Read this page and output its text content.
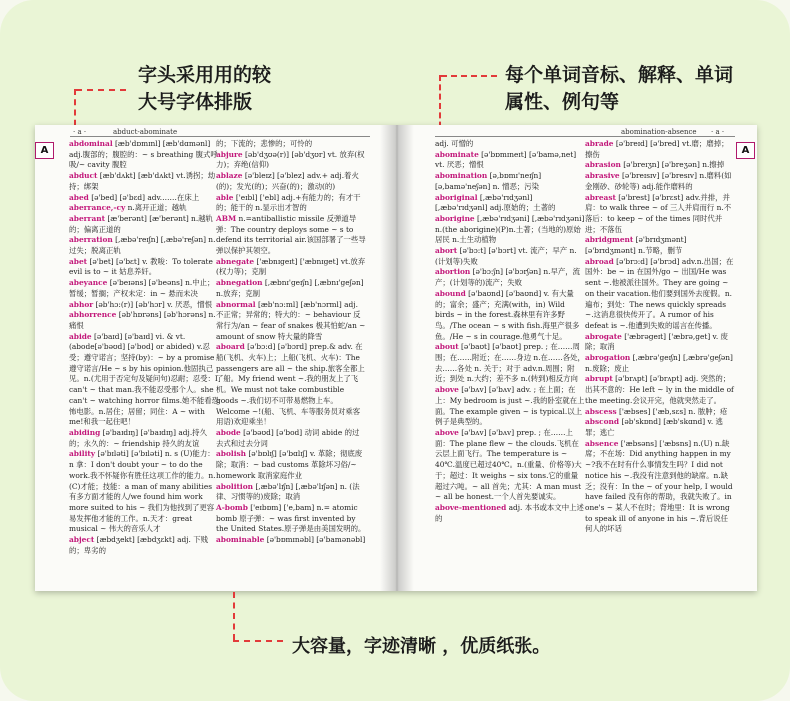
字头采用用的较
大号字体排版
每个单词音标、解释、单词
属性、例句等
· a ·	abduct-abominate
A

abdominal [æb'dɒmɪnl] [æb'dɑmənl] adj.腹部的；腹腔的：~ s breathing 腹式呼吸/~ cavity 腹腔

abduct [æb'dʌkt] [æb'dʌkt] vt.诱拐；劫持；绑架

abed [ə'bed] [ə'bɛd] adv.……在床上

aberrance,-cy n.离开正道；越轨

aberrant [æ'berənt] [æ'berənt] n.越轨的；偏离正道的

aberration [,æbə'reɪʃn] [,æbə'reʃən] n.过失；脱离正轨

abet [ə'bet] [ə'bɛt] v. 教唆：To tolerate evil is to ~ it 姑息养奸。

abeyance [ə'beɪəns] [ə'beəns] n.中止；暂缓；暂搁；产权未定：in ~ 悬而未决

abhor [əb'hɔ:(r)] [əb'hɔr] v. 厌恶，憎恨

abhorrence [əb'hɒrəns] [əb'hɔrəns] n.痛恨

abide [ə'baɪd] [ə'baɪd] vi. & vt. (abode[ə'bəʊd] [ə'bod] or abided) v.忍受；遵守诺言；坚持(by)：~ by a promise 遵守诺言/He ~ s by his opinion.他固执己见。n.(尤用于否定句及疑问句)忍耐；忍受：I can't ~ that man.我不能忍受那个人。she can't ~ watching horror films.她不能看恐怖电影。n.居住；居留；同住：A ~ with me!和我一起住吧！

abiding [ə'baɪdɪŋ] [ə'baɪdɪŋ] adj.持久的；永久的：~ friendship 持久的友谊

ability [ə'bɪləti] [ə'bɪləti] n. s (U)能力：n 拿：I don't doubt your ~ to do the work.我不怀疑你有胜任这项工作的能力。n.(C)才能；技能：a man of many abilities 有多方面才能的人/we found him work more suited to his ~ 我们为他找到了更容易发挥他才能的工作。n.天才：great musical ~ 伟大的音乐人才

abject [æbdʒekt] [æbdʒɛkt] adj. 下贱的；卑劣的

的；下流的；悲惨的；可怜的

abjure [əb'dʒʊə(r)] [əb'dʒʊr] vt. 放弃(权力)；弃绝(信仰)

ablaze [ə'bleɪz] [ə'blez] adv.+ adj.着火(的)；发光(的)；兴奋(的)；激动(的)

able ['eɪbl] ['ebl] adj.+有能力的；有才干的；能干的 n.显示出才智的

ABM n.=antiballistic missile 反弹道导弹：The country deploys some ~ s to defend its territorial air.该国部署了一些导弹以保护其领空。

abnegate ['æbnɪgeɪt] ['æbnɪget] vt.放弃(权力等)；克制

abnegation [,æbnɪ'geɪʃn] [,æbnɪ'geʃən] n.放弃；克制

abnormal [æb'nɔ:ml] [æb'nɔrml] adj. 不正常；异常的；特大的：~ behaviour 反常行为/an ~ fear of snakes 极其怕蛇/an ~ amount of snow 特大量的降雪

aboard [ə'bɔ:d] [ə'bɔrd] prep.& adv. 在船(飞机、火车)上；上船(飞机、火车)：The passengers are all ~ the ship.旅客全都上了船。My friend went ~.我的朋友上了飞机。We must not take combustible goods ~.我们切不可带易燃物上车。Welcome ~!(船、飞机、车等服务员对乘客用语)欢迎乘坐！

abode [ə'bəʊd] [ə'bod] 动词 abide 的过去式和过去分词

abolish [ə'bɒlɪʃ] [ə'bɑlɪʃ] v. 革除；彻底废除；取消：~ bad customs 革除坏习俗/~ homework 取消家庭作业

abolition [,æbə'lɪʃn] [,æbə'lɪʃən] n. (法律、习惯等的)废除；取消

A-bomb ['eɪbɒm] ['e,bam] n.= atomic bomb 原子弹：~ was first invented by the United States.原子弹是由美国发明的。

abominable [ə'bɒmɪnəbl] [ə'bamənəbl]

abomination-absence · a ·
A

adj. 可憎的

abominate [ə'bɒmɪneɪt] [ə'bamə,net] vt. 厌恶；憎恨

abomination [ə,bɒmɪ'neɪʃn] [ə,bamə'neʃən] n. 憎恶；污染

aboriginal [,æbə'rɪdʒənl] [,æbə'rɪdʒənl] adj.原始的；土著的

aborigine [,æbə'rɪdʒəni] [,æbə'rɪdʒəni] n.(the aborigine)(P)n.土著；(当地的)原始居民 n.土生动植物

abort [ə'bɔ:t] [ə'bɔrt] vt. 流产；早产 n.(计划等)失败

abortion [ə'bɔ:ʃn] [ə'bɔrʃən] n.早产，流产；(计划等的)流产；失败

abound [ə'baʊnd] [ə'baʊnd] v. 有大量的；富余；盛产；充满(with，in) Wild birds ~ in the forest.森林里有许多野鸟。/The ocean ~ s with fish.海里产很多鱼。/He ~ s in courage.他勇气十足。

about [ə'baʊt] [ə'baʊt] prep. ; 在……周围；在……附近；在……身边 n.在……各处，去……各处 n. 关于；对于 adv.n.周围；附近；到处 n.大约；差不多 n.(转到)相反方向

above [ə'bʌv] [ə'bʌv] adv. ; 在上面；在上：My bedroom is just ~.我的卧室就在上面。The example given ~ is typical.以上例子是典型的。

above [ə'bʌv] [ə'bʌv] prep. ; 在……上面：The plane flew ~ the clouds.飞机在云层上面飞行。The temperature is ~ 40℃.温度已超过40℃。n.(重量、价格等)大于；超过：It weighs ~ six tons.它的重量超过六吨。~ all 首先；尤其：A man must ~ all be honest.一个人首先要诚实。

above-mentioned adj. 本书或本文中上述的

abrade [ə'breɪd] [ə'bred] vt.磨；磨掉；擦伤

abrasion [ə'breɪʒn] [ə'breʒən] n.擦掉

abrasive [ə'breɪsɪv] [ə'bresɪv] n.磨料(如金刚砂、砂轮等) adj.能作磨料的

abreast [ə'brest] [ə'brɛst] adv.并排，并肩：to walk three ~ of 三人并肩而行 n.不落后：to keep ~ of the times 同时代并进；不落伍

abridgment [ə'brɪdʒmənt] [ə'brɪdʒmənt] n.节略，删节

abroad [ə'brɔ:d] [ə'brɔd] adv.n.出国；在国外：be ~ in 在国外/go ~ 出国/He was sent ~.他被派往国外。They are going ~ on their vacation.他们要到国外去度假。n.遍布；到处：The news quickly spreads ~.这消息很快传开了。A rumor of his defeat is ~.他遭到失败的谣言在传播。

abrogate ['æbrəgeɪt] ['æbrə,get] v. 废除；取消

abrogation [,æbrə'geɪʃn] [,æbrə'geʃən] n.废除；废止

abrupt [ə'brʌpt] [ə'brʌpt] adj. 突然的；出其不意的：He left ~ ly in the middle of the meeting.会议开完，他就突然走了。

abscess ['æbses] ['æb,sɛs] n. 脓肿；疮

abscond [əb'skɒnd] [æb'skɑnd] v. 逃罪；逃亡

absence ['æbsəns] ['æbsns] n.(U) n.缺席；不在场：Did anything happen in my ~?我不在时有什么事情发生吗？I did not notice his ~.我没有注意到他的缺席。n.缺乏；没有：In the ~ of your help, I would have failed 没有你的帮助，我就失败了。in one's ~ 某人不在时；背地里：It is wrong to speak ill of anyone in his ~.背后说任何人的坏话

大容量，字迹清晰 ，优质纸张。
